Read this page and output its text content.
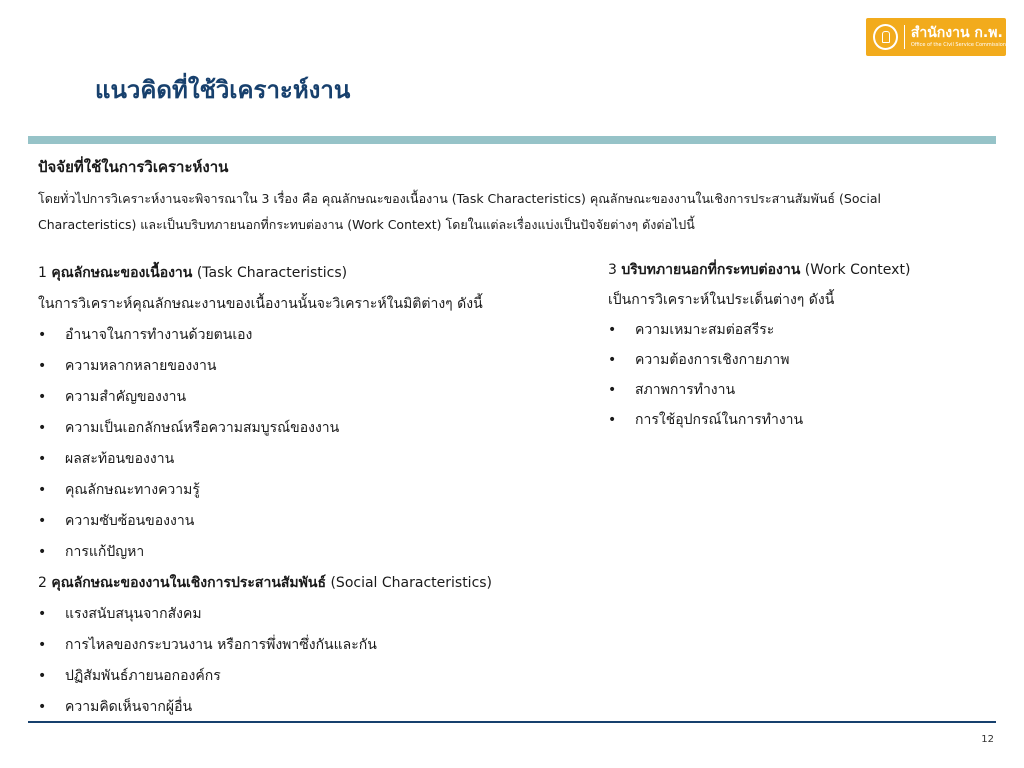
สำนักงาน ก.พ.
Office of the Civil Service Commission
แนวคิดที่ใช้วิเคราะห์งาน
ปัจจัยที่ใช้ในการวิเคราะห์งาน
โดยทั่วไปการวิเคราะห์งานจะพิจารณาใน 3 เรื่อง คือ คุณลักษณะของเนื้องาน (Task Characteristics) คุณลักษณะของงานในเชิงการประสานสัมพันธ์ (Social
Characteristics) และเป็นบริบทภายนอกที่กระทบต่องาน (Work Context) โดยในแต่ละเรื่องแบ่งเป็นปัจจัยต่างๆ ดังต่อไปนี้
1 คุณลักษณะของเนื้องาน (Task Characteristics)
ในการวิเคราะห์คุณลักษณะงานของเนื้องานนั้นจะวิเคราะห์ในมิติต่างๆ ดังนี้
•	อำนาจในการทำงานด้วยตนเอง
•	ความหลากหลายของงาน
•	ความสำคัญของงาน
•	ความเป็นเอกลักษณ์หรือความสมบูรณ์ของงาน
•	ผลสะท้อนของงาน
•	คุณลักษณะทางความรู้
•	ความซับซ้อนของงาน
•	การแก้ปัญหา
2 คุณลักษณะของงานในเชิงการประสานสัมพันธ์ (Social Characteristics)
•	แรงสนับสนุนจากสังคม
•	การไหลของกระบวนงาน หรือการพึ่งพาซึ่งกันและกัน
•	ปฏิสัมพันธ์ภายนอกองค์กร
•	ความคิดเห็นจากผู้อื่น
3 บริบทภายนอกที่กระทบต่องาน (Work Context)
เป็นการวิเคราะห์ในประเด็นต่างๆ ดังนี้
•	ความเหมาะสมต่อสรีระ
•	ความต้องการเชิงกายภาพ
•	สภาพการทำงาน
•	การใช้อุปกรณ์ในการทำงาน
12
